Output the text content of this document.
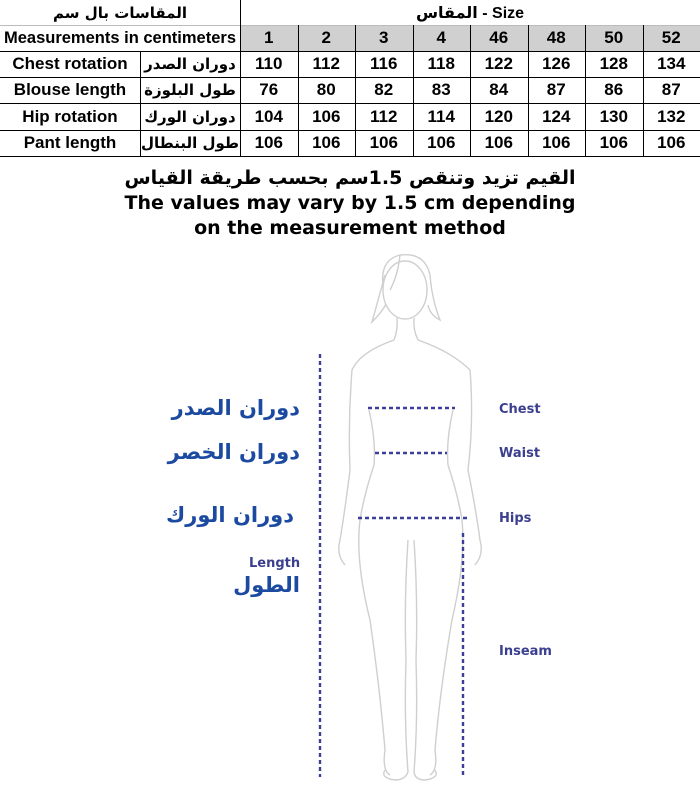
المقاسات بال سم	المقاس - Size
Measurements in centimeters	1	2	3	4	46	48	50	52
Chest rotation	دوران الصدر	110	112	116	118	122	126	128	134
Blouse length	طول البلوزة	76	80	82	83	84	87	86	87
Hip rotation	دوران الورك	104	106	112	114	120	124	130	132
Pant length	طول البنطال 106	106	106	106	106	106	106	106
القيم تزيد وتنقص 1.5سم بحسب طريقة القياس
The values may vary by 1.5 cm depending
on the measurement method
دوران الصدر
دوران الخصر
دوران الورك
Length
الطول
Chest
Waist
Hips
Inseam
